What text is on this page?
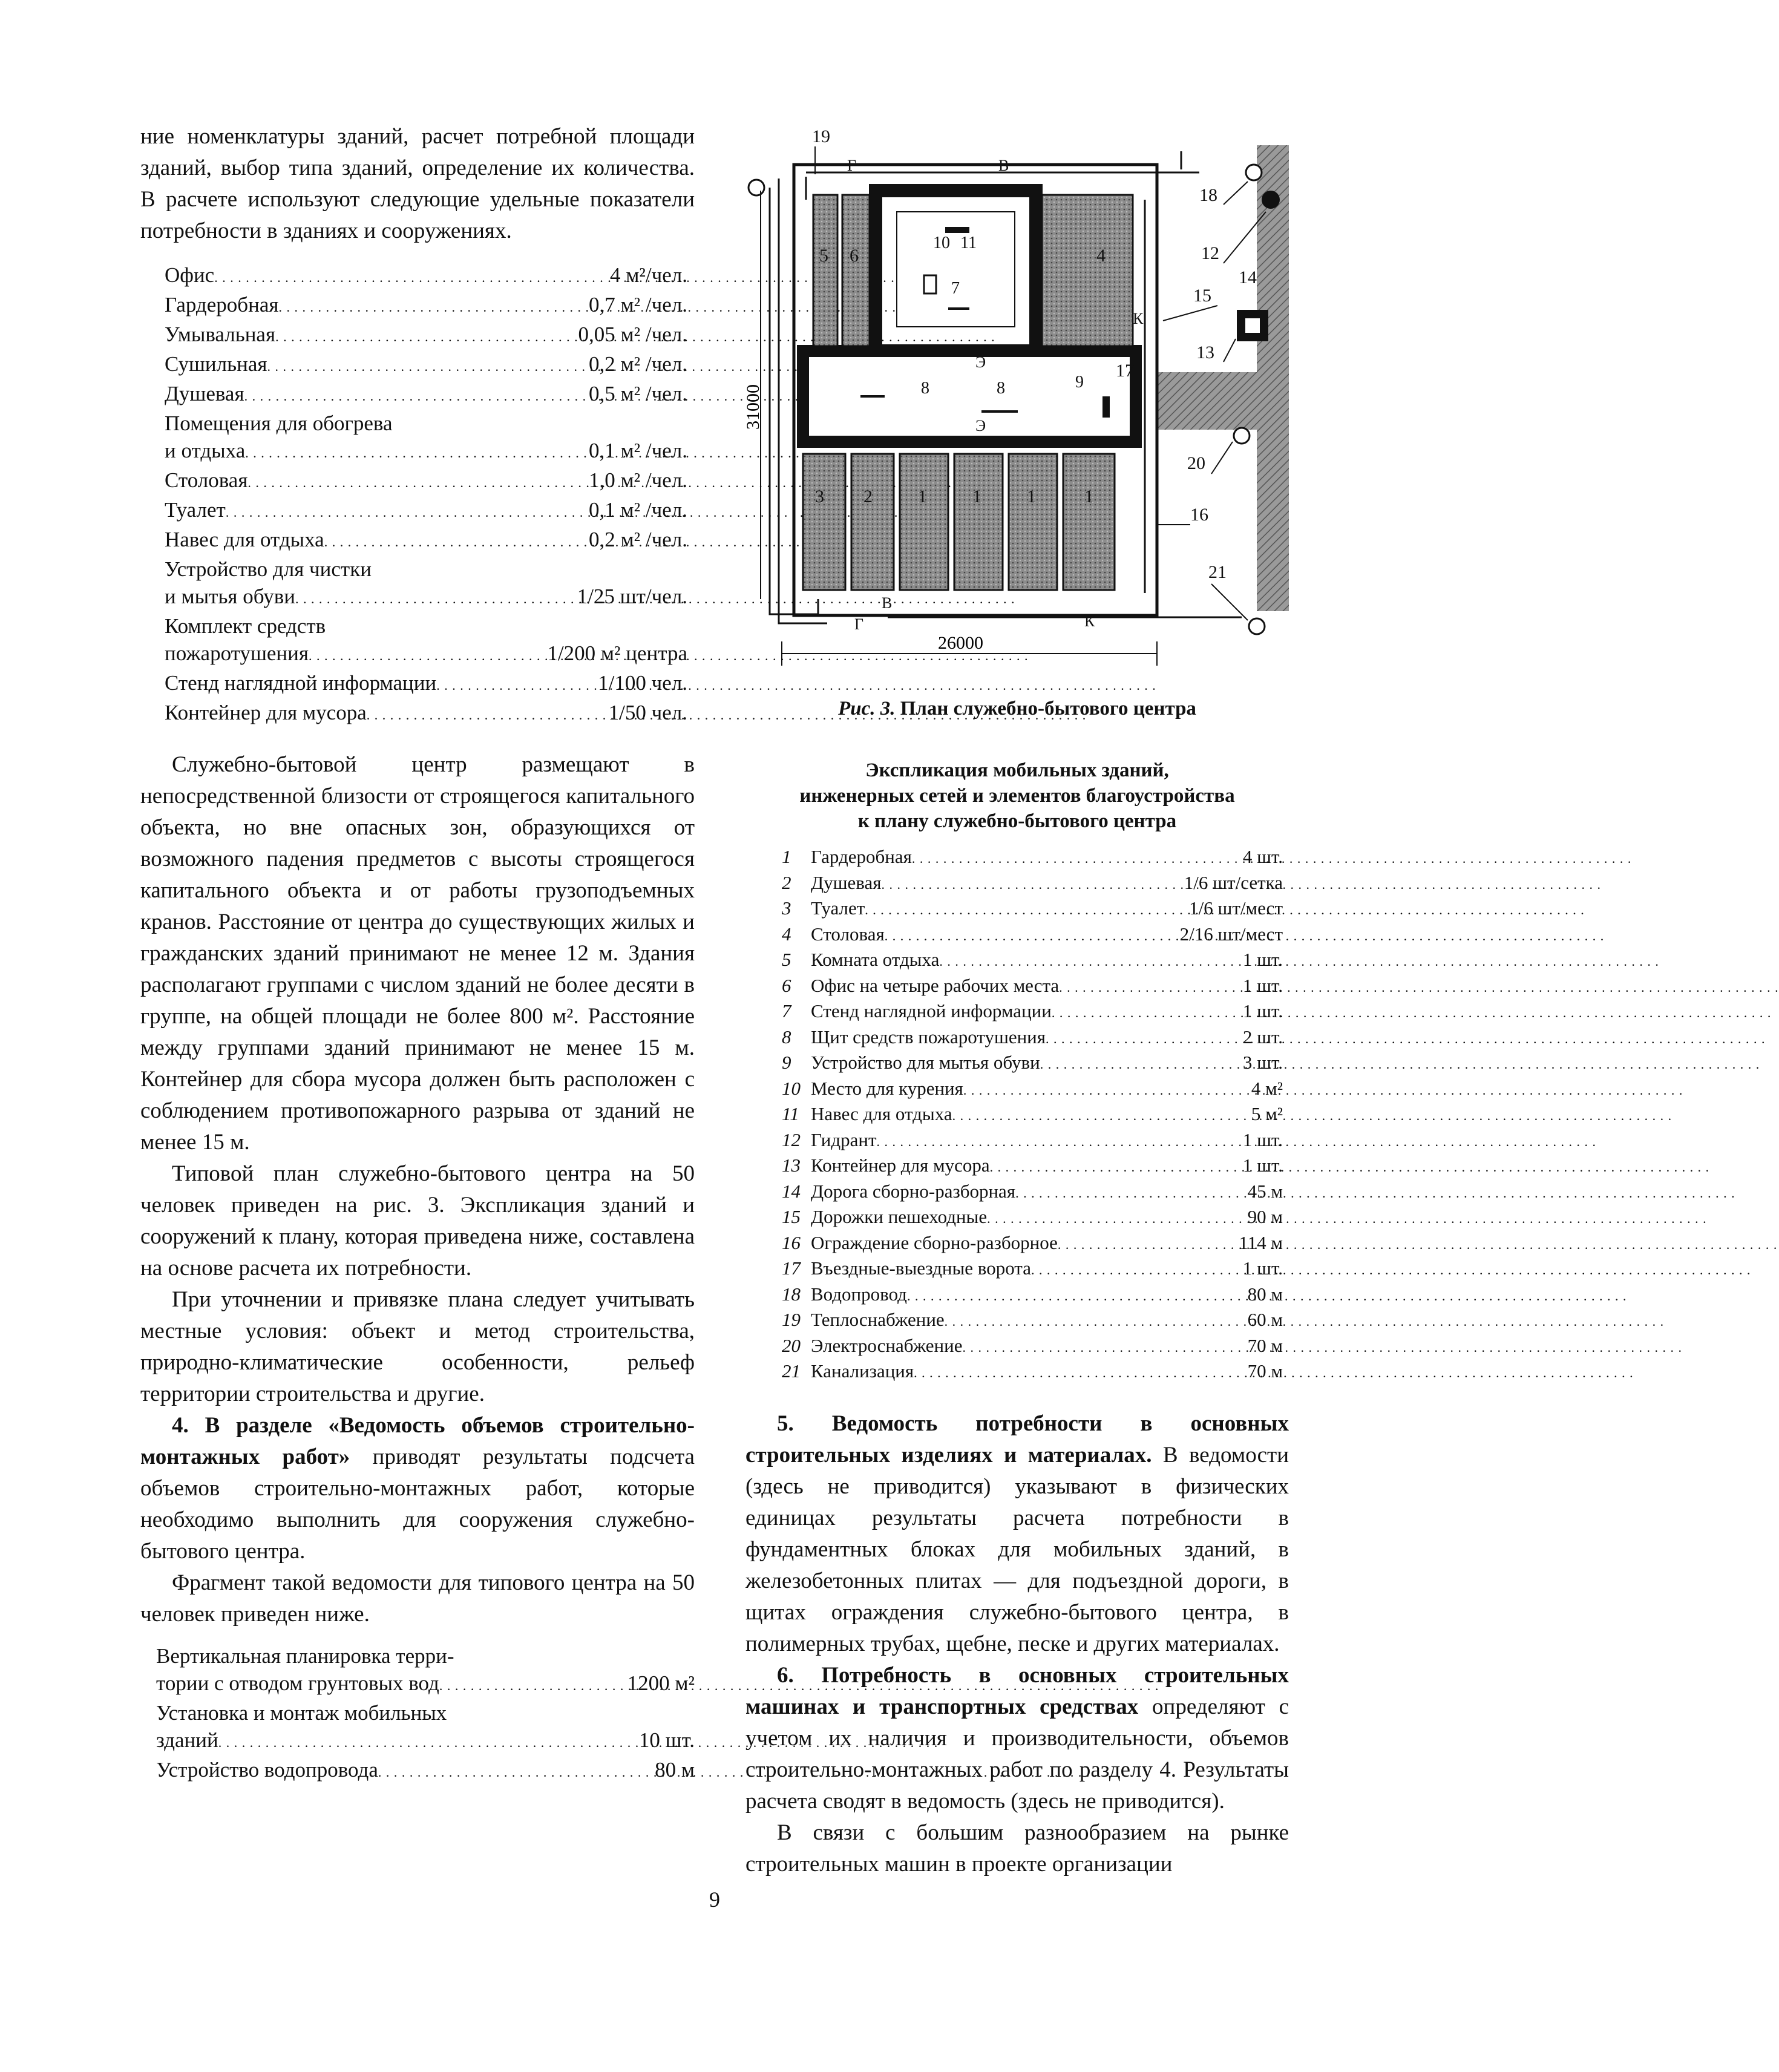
ние номенклатуры зданий, расчет потребной площади зданий, выбор типа зданий, определение их количества. В расчете используют следующие удельные показатели потребности в зданиях и сооружениях.

Офис . . .	4 м²/чел.
Гардеробная . . .	0,7 м² /чел.
Умывальная . . .	0,05 м² /чел.
Сушильная . . .	0,2 м² /чел.
Душевая . . .	0,5 м² /чел.
Помещения для обогрева
и отдыха . . .	0,1 м² /чел.
Столовая . . .	1,0 м² /чел.
Туалет . . .	0,1 м² /чел.
Навес для отдыха . . .	0,2 м² /чел.
Устройство для чистки
и мытья обуви . . .	1/25 шт/чел.
Комплект средств
пожаротушения . . .	1/200 м² центра
Стенд наглядной информации . . .	1/100 чел.
Контейнер для мусора . . .	1/50 чел.

Служебно-бытовой центр размещают в непосредственной близости от строящегося капитального объекта, но вне опасных зон, образующихся от возможного падения предметов с высоты строящегося капитального объекта и от работы грузоподъемных кранов. Расстояние от центра до существующих жилых и гражданских зданий принимают не менее 12 м. Здания располагают группами с числом зданий не более десяти в группе, на общей площади не более 800 м². Расстояние между группами зданий принимают не менее 15 м. Контейнер для сбора мусора должен быть расположен с соблюдением противопожарного разрыва от зданий не менее 15 м.

Типовой план служебно-бытового центра на 50 человек приведен на рис. 3. Экспликация зданий и сооружений к плану, которая приведена ниже, составлена на основе расчета их потребности.

При уточнении и привязке плана следует учитывать местные условия: объект и метод строительства, природно-климатические особенности, рельеф территории строительства и другие.

4. В разделе «Ведомость объемов строительно-монтажных работ» приводят результаты подсчета объемов строительно-монтажных работ, которые необходимо выполнить для сооружения служебно-бытового центра.

Фрагмент такой ведомости для типового центра на 50 человек приведен ниже.

Вертикальная планировка терри-
тории с отводом грунтовых вод . . .	1200 м²
Установка и монтаж мобильных
зданий . . .	10 шт.
Устройство водопровода . . .	80 м
5 6	4
3 2	1	1	1	1
10 11
7
8	8	9
Г	В
К
Э
Э
В
Г	К
31000
26000
19
18
12
14
15
13
17
20
16
21
Рис. 3. План служебно-бытового центра
Экспликация мобильных зданий,
инженерных сетей и элементов благоустройства
к плану служебно-бытового центра
1 Гардеробная . . .	4 шт.
2 Душевая . . .	1/6 шт/сетка
3 Туалет . . .	1/6 шт/мест
4 Столовая . . .	2/16 шт/мест
5 Комната отдыха . . .	1 шт.
6 Офис на четыре рабочих места . . .	1 шт.
7 Стенд наглядной информации . . .	1 шт.
8 Щит средств пожаротушения . . .	2 шт.
9 Устройство для мытья обуви . . .	3 шт.
10 Место для курения . . .	4 м²
11 Навес для отдыха . . .	5 м²
12 Гидрант . . .	1 шт.
13 Контейнер для мусора . . .	1 шт.
14 Дорога сборно-разборная . . .	45 м
15 Дорожки пешеходные . . .	90 м
16 Ограждение сборно-разборное . . .	114 м
17 Въездные-выездные ворота . . .	1 шт.
18 Водопровод . . .	80 м
19 Теплоснабжение . . .	60 м
20 Электроснабжение . . .	70 м
21 Канализация . . .	70 м

5. Ведомость потребности в основных строительных изделиях и материалах. В ведомости (здесь не приводится) указывают в физических единицах результаты расчета потребности в фундаментных блоках для мобильных зданий, в железобетонных плитах — для подъездной дороги, в щитах ограждения служебно-бытового центра, в полимерных трубах, щебне, песке и других материалах.

6. Потребность в основных строительных машинах и транспортных средствах определяют с учетом их наличия и производительности, объемов строительно-монтажных работ по разделу 4. Результаты расчета сводят в ведомость (здесь не приводится).

В связи с большим разнообразием на рынке строительных машин в проекте организации

9
